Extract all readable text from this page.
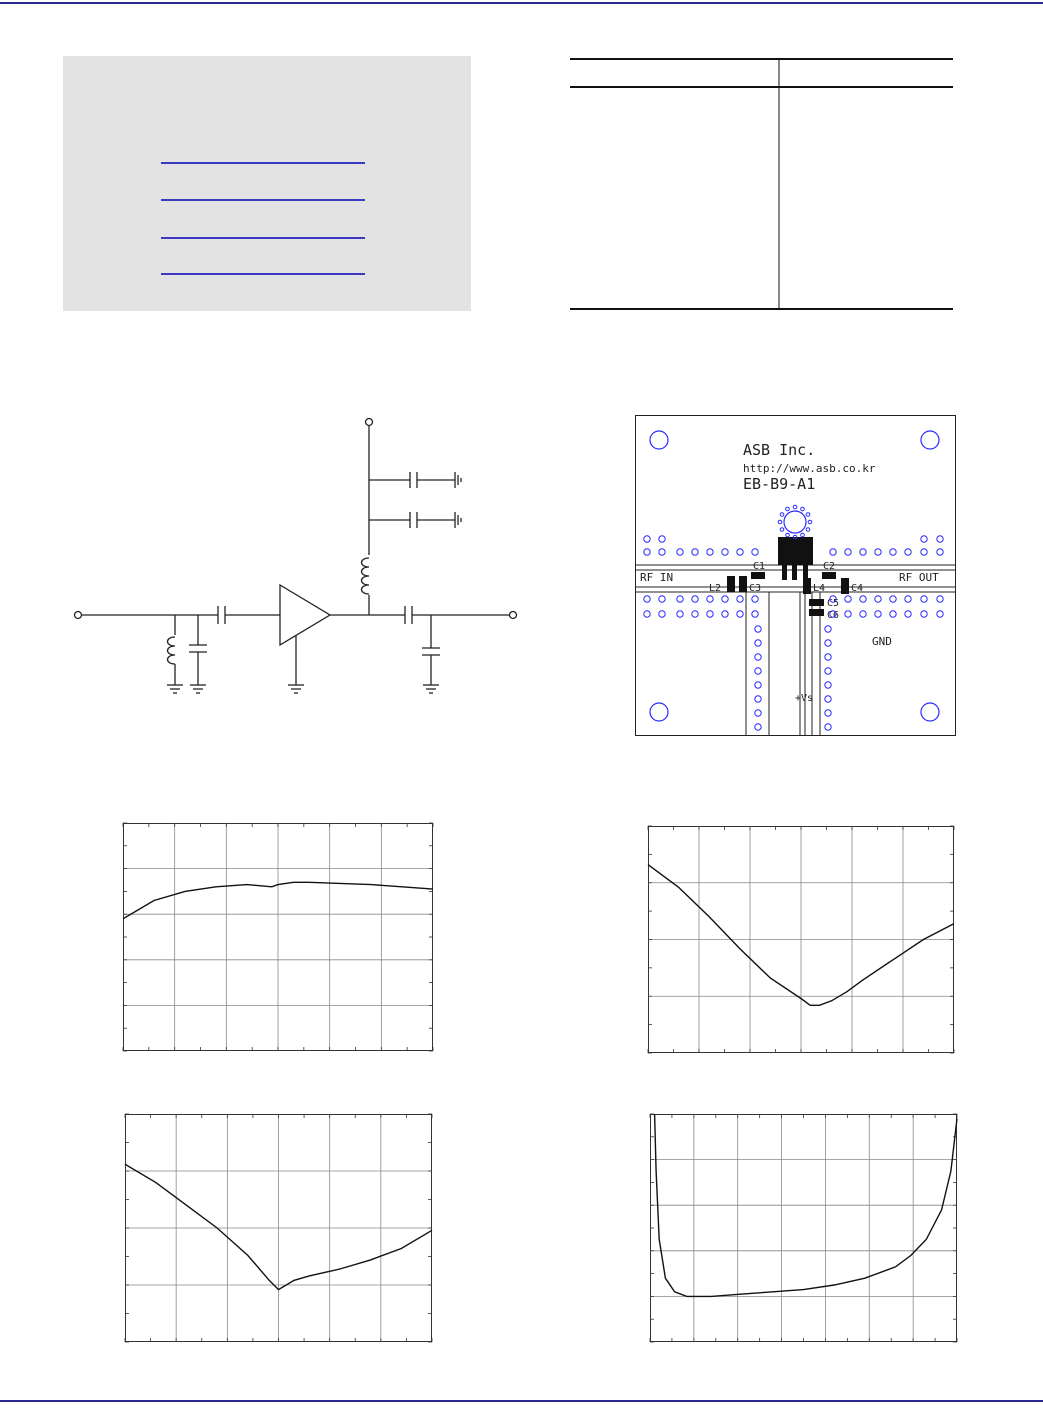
ASB Inc.
http://www.asb.co.kr
EB-B9-A1
RF IN	RF OUT
GND
+Vs
C1	C2
L2	C3	L4	C4
C5
C6
